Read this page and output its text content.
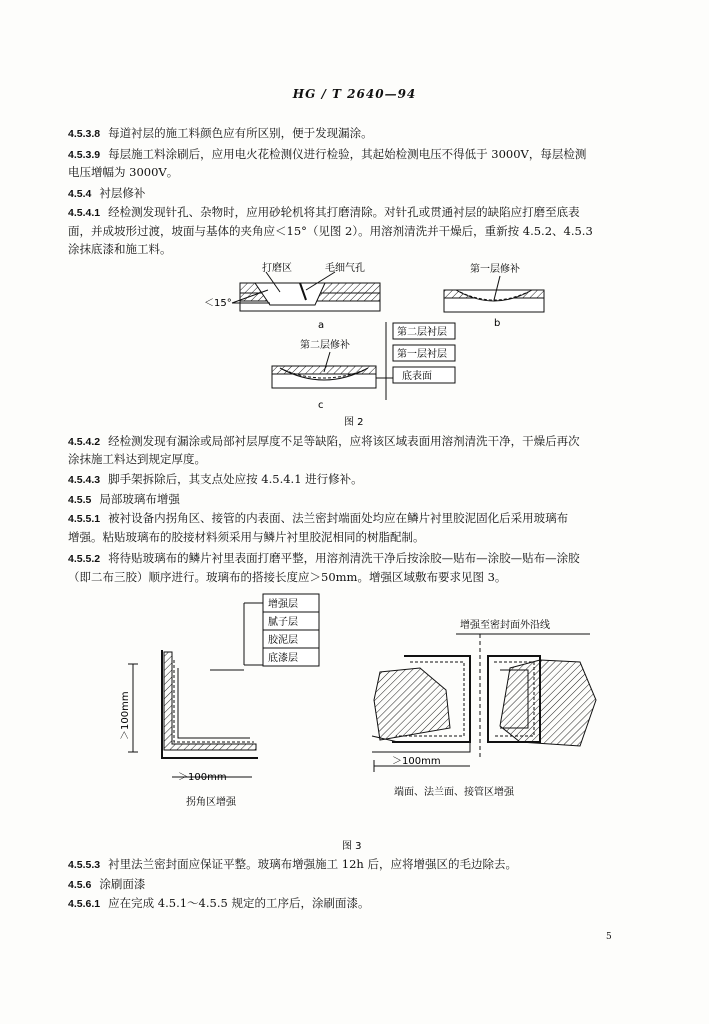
HG / T 2640—94
4.5.3.8 每道衬层的施工料颜色应有所区别，便于发现漏涂。
4.5.3.9 每层施工料涂刷后，应用电火花检测仪进行检验，其起始检测电压不得低于 3000V，每层检测
电压增幅为 3000V。
4.5.4 衬层修补
4.5.4.1 经检测发现针孔、杂物时，应用砂轮机将其打磨清除。对针孔或贯通衬层的缺陷应打磨至底表
面，并成坡形过渡，坡面与基体的夹角应＜15°（见图 2）。用溶剂清洗并干燥后，重新按 4.5.2、4.5.3
涂抹底漆和施工料。
4.5.4.2 经检测发现有漏涂或局部衬层厚度不足等缺陷，应将该区域表面用溶剂清洗干净，干燥后再次
涂抹施工料达到规定厚度。
4.5.4.3 脚手架拆除后，其支点处应按 4.5.4.1 进行修补。
4.5.5 局部玻璃布增强
4.5.5.1 被衬设备内拐角区、接管的内表面、法兰密封端面处均应在鳞片衬里胶泥固化后采用玻璃布
增强。粘贴玻璃布的胶接材料须采用与鳞片衬里胶泥相同的树脂配制。
4.5.5.2 将待贴玻璃布的鳞片衬里表面打磨平整，用溶剂清洗干净后按涂胶—贴布—涂胶—贴布—涂胶
（即二布三胶）顺序进行。玻璃布的搭接长度应＞50mm。增强区域敷布要求见图 3。
4.5.5.3 衬里法兰密封面应保证平整。玻璃布增强施工 12h 后，应将增强区的毛边除去。
4.5.6 涂刷面漆
4.5.6.1 应在完成 4.5.1～4.5.5 规定的工序后，涂刷面漆。
打磨区	毛细气孔
＜15°
a
第一层修补
b
第二层修补
c
第二层衬层
第一层衬层
底表面
图 2
增强层
腻子层
胶泥层
底漆层
＞100mm
＞100mm
拐角区增强
增强至密封面外沿线
＞100mm
端面、法兰面、接管区增强
图 3
5
